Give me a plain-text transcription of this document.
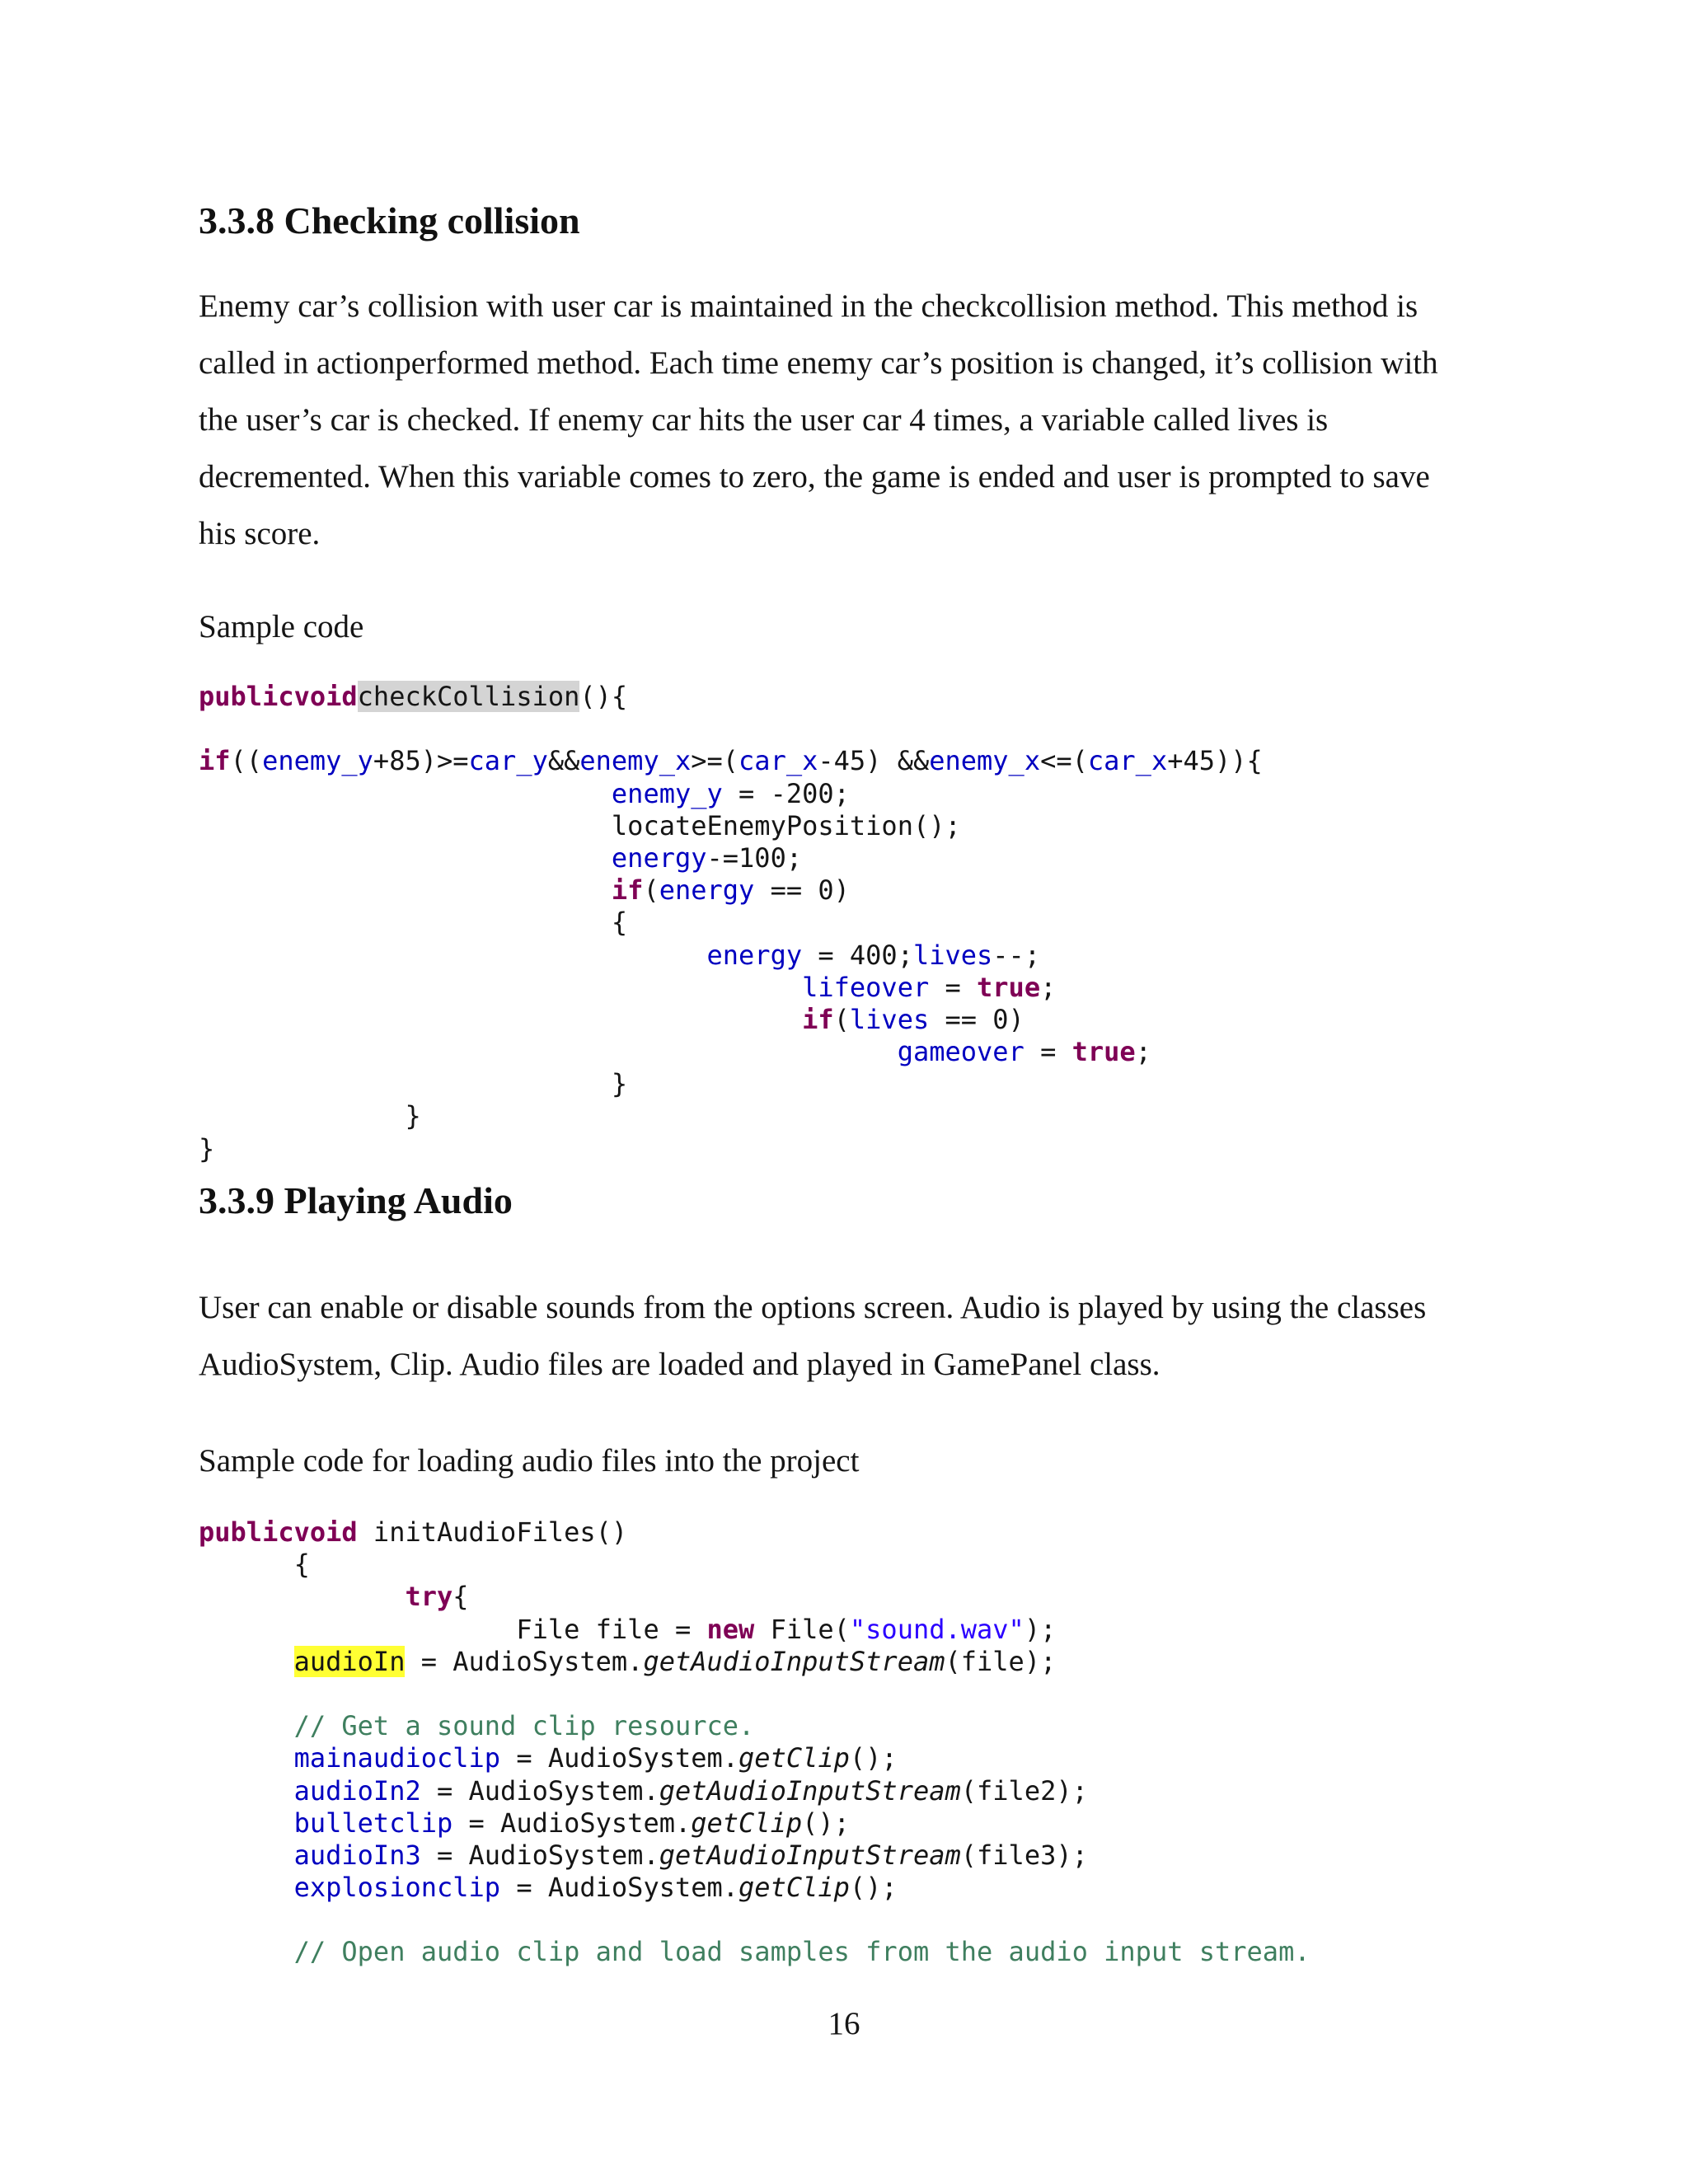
3.3.8 Checking collision

Enemy car’s collision with user car is maintained in the checkcollision method. This method is
called in actionperformed method. Each time enemy car’s position is changed, it’s collision with
the user’s car is checked. If enemy car hits the user car 4 times, a variable called lives is
decremented. When this variable comes to zero, the game is ended and user is prompted to save
his score.

Sample code

publicvoidcheckCollision(){

if((enemy_y+85)>=car_y&&enemy_x>=(car_x-45) &&enemy_x<=(car_x+45)){
enemy_y = -200;
locateEnemyPosition();
energy-=100;
if(energy == 0)
{
energy = 400;lives--;
lifeover = true;
if(lives == 0)
gameover = true;
}
}
}
3.3.9 Playing Audio

User can enable or disable sounds from the options screen. Audio is played by using the classes
AudioSystem, Clip. Audio files are loaded and played in GamePanel class.

Sample code for loading audio files into the project

publicvoid initAudioFiles()
{
try{
File file = new File("sound.wav");
audioIn = AudioSystem.getAudioInputStream(file);

// Get a sound clip resource.
mainaudioclip = AudioSystem.getClip();
audioIn2 = AudioSystem.getAudioInputStream(file2);
bulletclip = AudioSystem.getClip();
audioIn3 = AudioSystem.getAudioInputStream(file3);
explosionclip = AudioSystem.getClip();

// Open audio clip and load samples from the audio input stream.
16
